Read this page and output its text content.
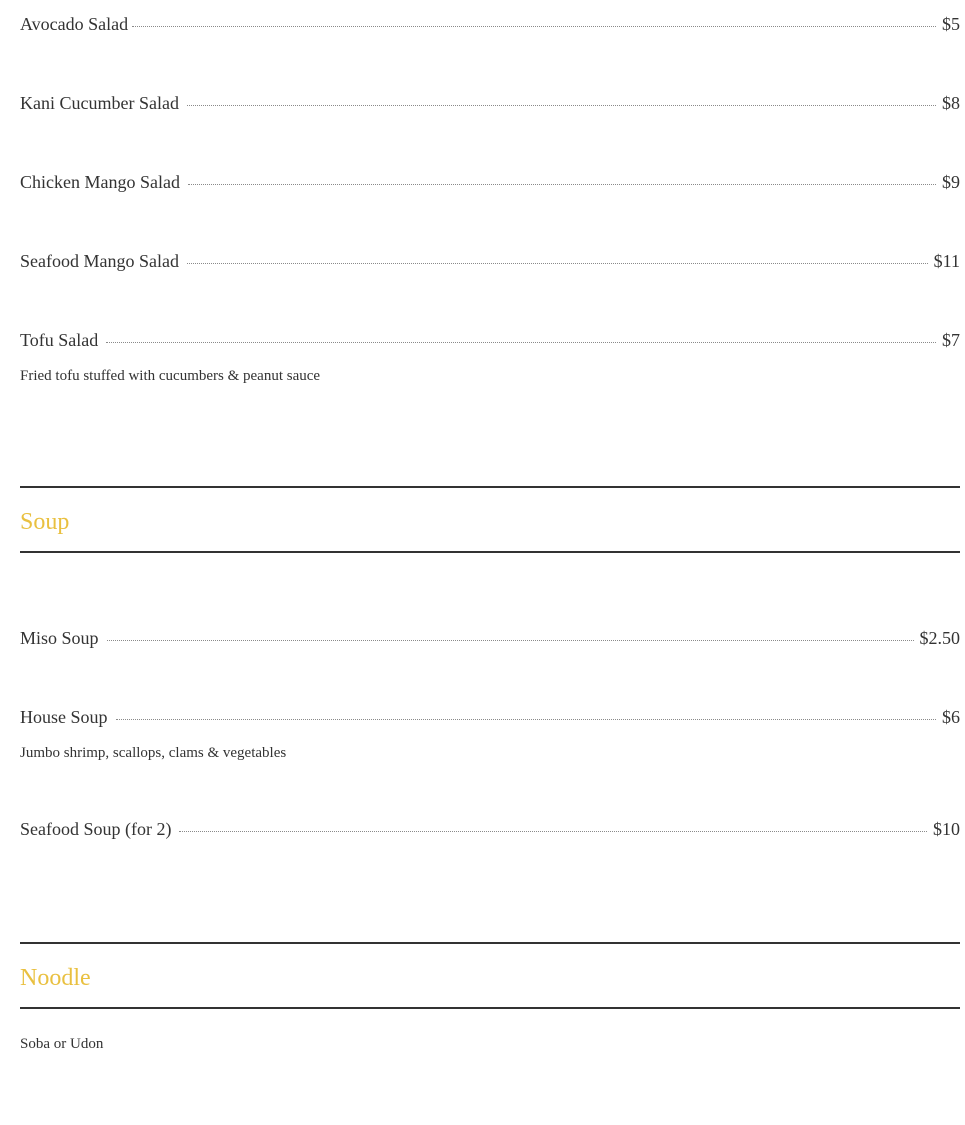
Avocado Salad	$5
Kani Cucumber Salad	$8
Chicken Mango Salad	$9
Seafood Mango Salad	$11
Tofu Salad	$7
Fried tofu stuffed with cucumbers & peanut sauce
Soup
Miso Soup	$2.50
House Soup	$6
Jumbo shrimp, scallops, clams & vegetables
Seafood Soup (for 2)	$10
Noodle
Soba or Udon
